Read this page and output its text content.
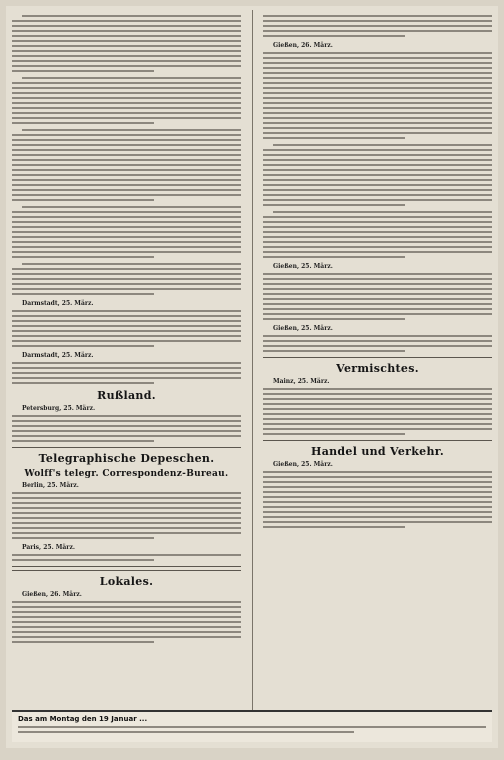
Darmstadt, 25. März.
Darmstadt, 25. März.
Rußland.
Petersburg, 25. März.
Telegraphische Depeschen.
Wolff's telegr. Correspondenz-Bureau.
Berlin, 25. März.
Paris, 25. März.
Lokales.
Gießen, 26. März.
Gießen, 26. März.
Gießen, 25. März.
Gießen, 25. März.
Vermischtes.
Mainz, 25. März.
Handel und Verkehr.
Gießen, 25. März.
Das am Montag den 19 Januar ...
